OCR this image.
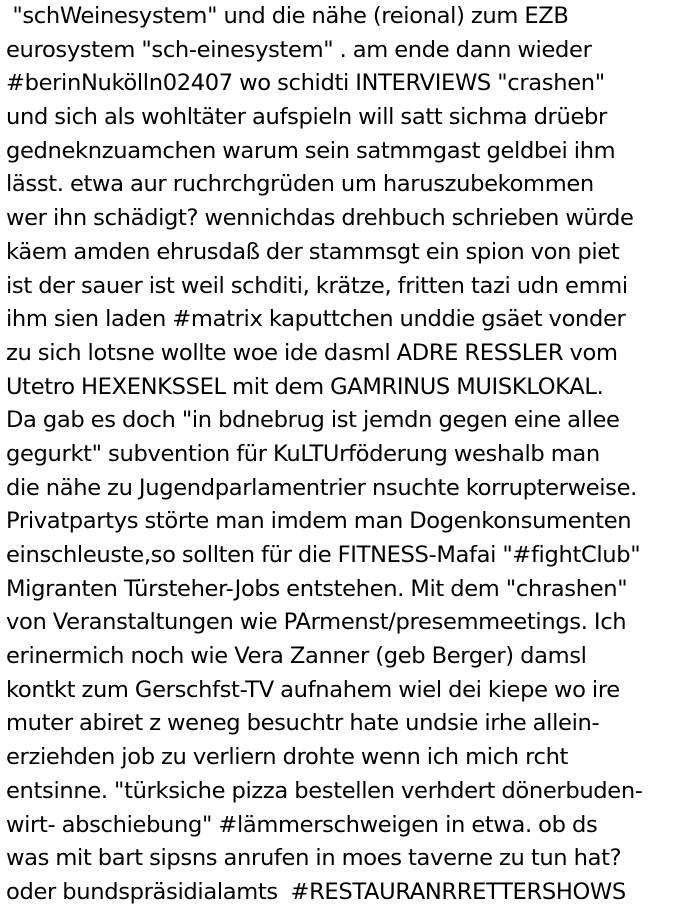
"schWeinesystem" und die nähe (reional) zum EZB
eurosystem "sch-einesystem" . am ende dann wieder
#berinNukölln02407 wo schidti INTERVIEWS "crashen"
und sich als wohltäter aufspieln will satt sichma drüebr
gedneknzuamchen warum sein satmmgast geldbei ihm
lässt. etwa aur ruchrchgrüden um haruszubekommen
wer ihn schädigt? wennichdas drehbuch schrieben würde
käem amden ehrusdaß der stammsgt ein spion von piet
ist der sauer ist weil schditi, krätze, fritten tazi udn emmi
ihm sien laden #matrix kaputtchen unddie gsäet vonder
zu sich lotsne wollte woe ide dasml ADRE RESSLER vom
Utetro HEXENKSSEL mit dem GAMRINUS MUISKLOKAL.
Da gab es doch "in bdnebrug ist jemdn gegen eine allee
gegurkt" subvention für KuLTUrföderung weshalb man
die nähe zu Jugendparlamentrier nsuchte korrupterweise.
Privatpartys störte man imdem man Dogenkonsumenten
einschleuste,so sollten für die FITNESS-Mafai "#fightClub"
Migranten Türsteher-Jobs entstehen. Mit dem "chrashen"
von Veranstaltungen wie PArmenst/presemmeetings. Ich
erinermich noch wie Vera Zanner (geb Berger) damsl
kontkt zum Gerschfst-TV aufnahem wiel dei kiepe wo ire
muter abiret z weneg besuchtr hate undsie irhe allein-
erziehden job zu verliern drohte wenn ich mich rcht
entsinne. "türksiche pizza bestellen verhdert dönerbuden-
wirt- abschiebung" #lämmerschweigen in etwa. ob ds
was mit bart sipsns anrufen in moes taverne zu tun hat?
oder bundspräsidialamts  #RESTAURANRRETTERSHOWS
